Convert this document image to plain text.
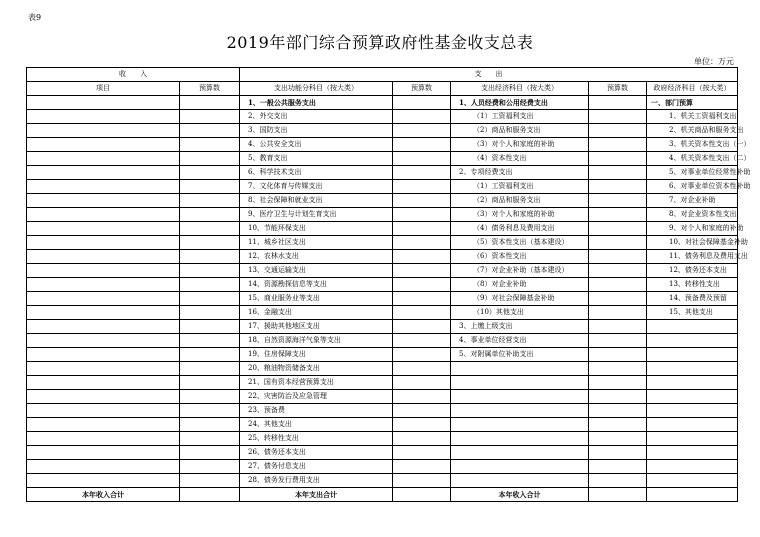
表9
2019年部门综合预算政府性基金收支总表
单位：万元
收　　入		支　　出				
项目	预算数	支出功能分科目（按大类）	预算数	支出经济科目（按大类）	预算数	政府经济科目（按大类）
		1、一般公共服务支出		1、人员经费和公用经费支出		一、部门预算
		2、外交支出		（1）工资福利支出		1、机关工资福利支出
		3、国防支出		（2）商品和服务支出		2、机关商品和服务支出
		4、公共安全支出		（3）对个人和家庭的补助		3、机关资本性支出（一）
		5、教育支出		（4）资本性支出		4、机关资本性支出（二）
		6、科学技术支出		2、专项经费支出		5、对事业单位经常性补助
		7、文化体育与传媒支出		（1）工资福利支出		6、对事业单位资本性补助
		8、社会保障和就业支出		（2）商品和服务支出		7、对企业补助
		9、医疗卫生与计划生育支出		（3）对个人和家庭的补助		8、对企业资本性支出
		10、节能环保支出		（4）债务利息及费用支出		9、对个人和家庭的补助
		11、城乡社区支出		（5）资本性支出（基本建设）		10、对社会保障基金补助
		12、农林水支出		（6）资本性支出		11、债务利息及费用支出
		13、交通运输支出		（7）对企业补助（基本建设）		12、债务还本支出
		14、资源勘探信息等支出		（8）对企业补助		13、转移性支出
		15、商业服务业等支出		（9）对社会保障基金补助		14、预备费及预留
		16、金融支出		（10）其他支出		15、其他支出
		17、援助其他地区支出		3、上缴上级支出		
		18、自然资源海洋气象等支出		4、事业单位经营支出		
		19、住房保障支出		5、对附属单位补助支出		
		20、粮油物资储备支出				
		21、国有资本经营预算支出				
		22、灾害防治及应急管理				
		23、预备费				
		24、其他支出				
		25、转移性支出				
		26、债务还本支出				
		27、债务付息支出				
		28、债务发行费用支出				
本年收入合计		本年支出合计		本年收入合计		
